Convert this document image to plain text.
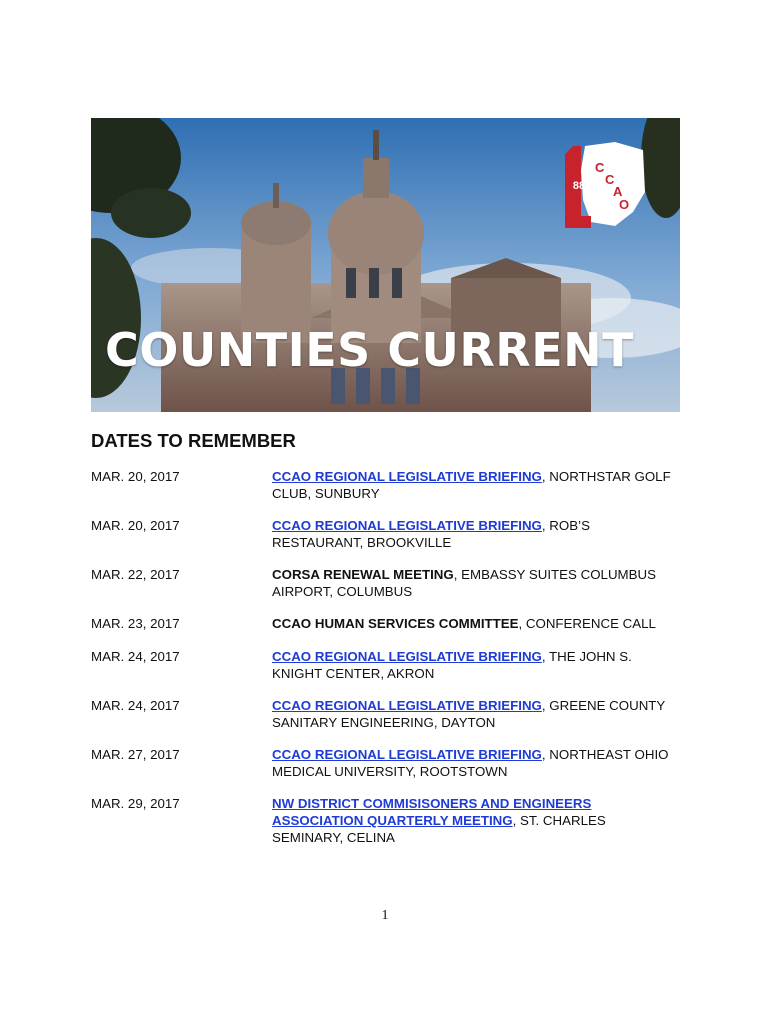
COUNTIES CURRENT
C
C
A
O
88
DATES TO REMEMBER
MAR. 20, 2017	CCAO REGIONAL LEGISLATIVE BRIEFING, NORTHSTAR GOLF CLUB, SUNBURY
MAR. 20, 2017	CCAO REGIONAL LEGISLATIVE BRIEFING, ROB’S RESTAURANT, BROOKVILLE
MAR. 22, 2017	CORSA RENEWAL MEETING, EMBASSY SUITES COLUMBUS AIRPORT, COLUMBUS
MAR. 23, 2017	CCAO HUMAN SERVICES COMMITTEE, CONFERENCE CALL
MAR. 24, 2017	CCAO REGIONAL LEGISLATIVE BRIEFING, THE JOHN S. KNIGHT CENTER, AKRON
MAR. 24, 2017	CCAO REGIONAL LEGISLATIVE BRIEFING, GREENE COUNTY SANITARY ENGINEERING, DAYTON
MAR. 27, 2017	CCAO REGIONAL LEGISLATIVE BRIEFING, NORTHEAST OHIO MEDICAL UNIVERSITY, ROOTSTOWN
MAR. 29, 2017	NW DISTRICT COMMISISONERS AND ENGINEERS ASSOCIATION QUARTERLY MEETING, ST. CHARLES SEMINARY, CELINA
1
